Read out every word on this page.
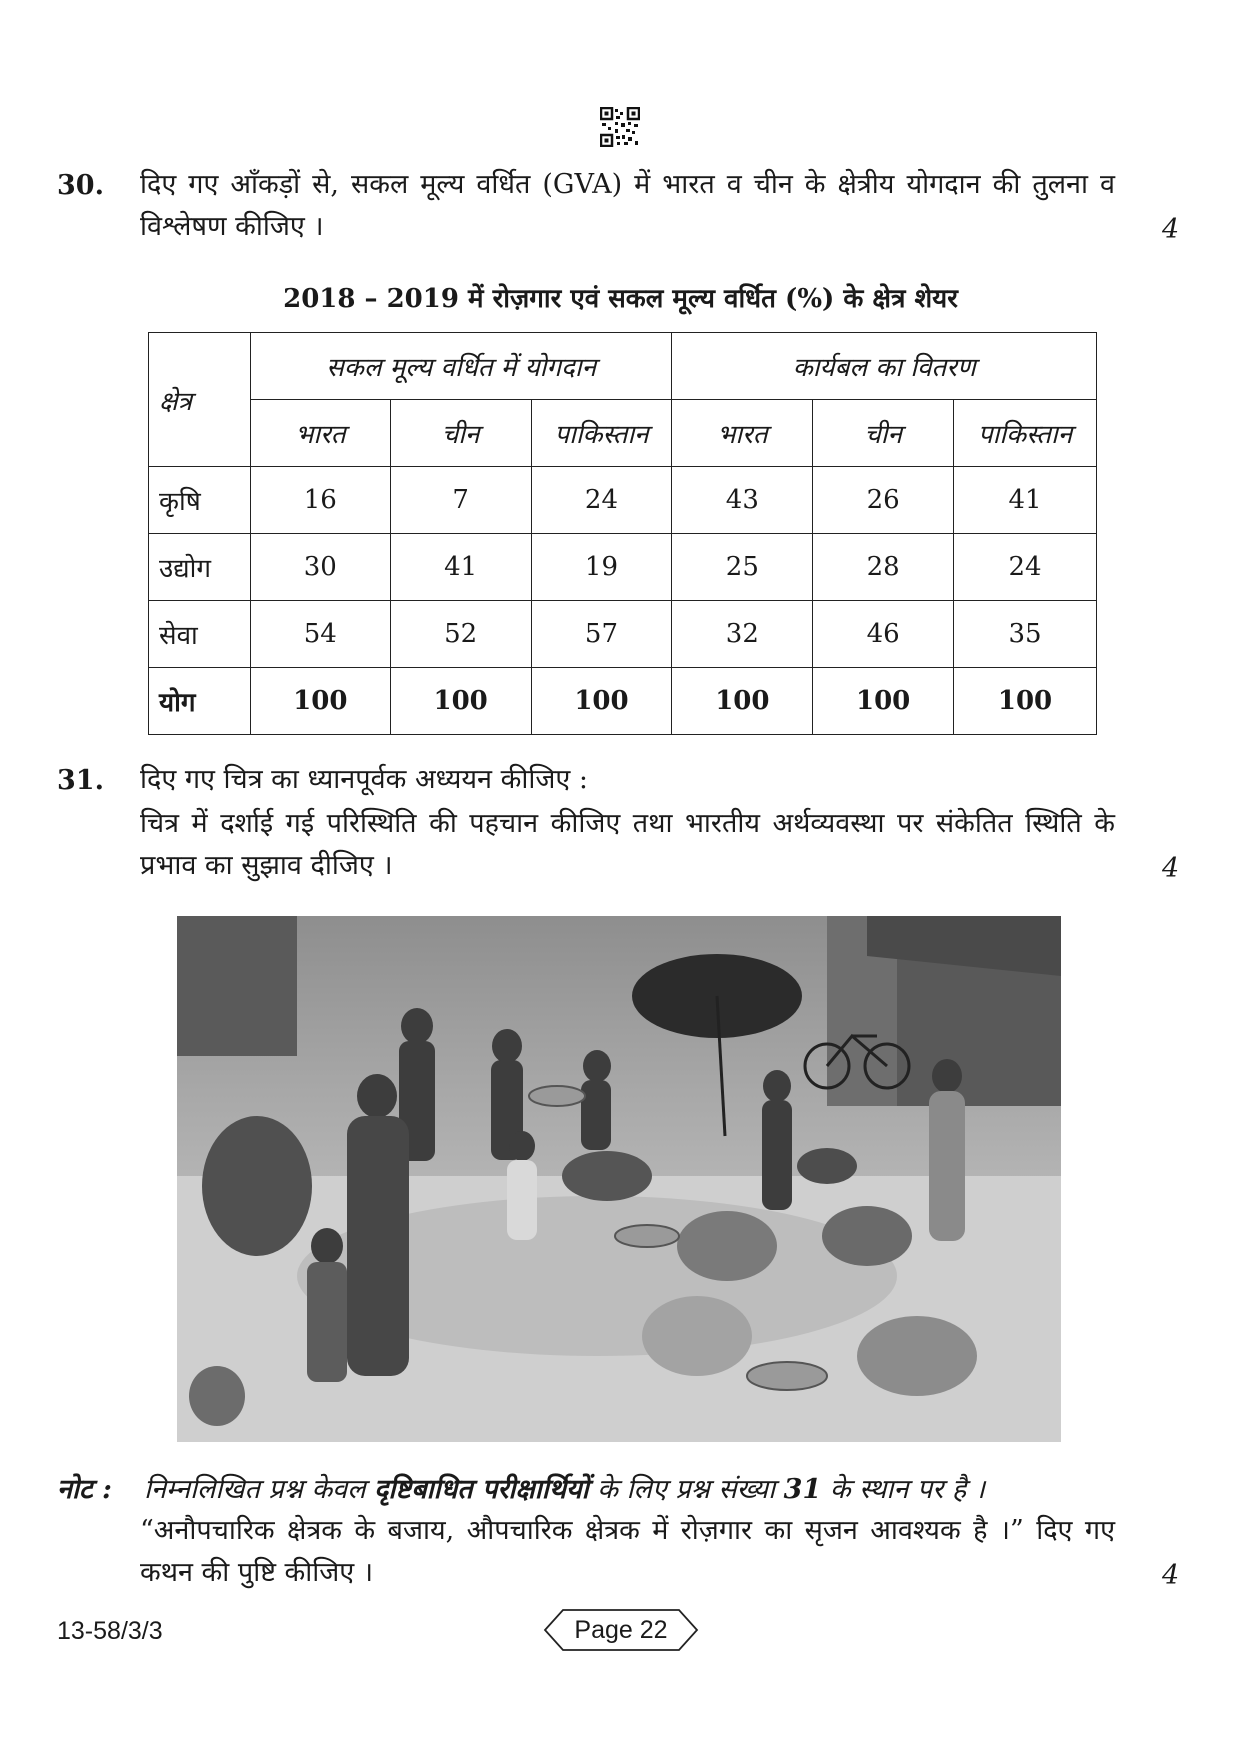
30. दिए गए आँकड़ों से, सकल मूल्य वर्धित (GVA) में भारत व चीन के क्षेत्रीय योगदान की तुलना व विश्लेषण कीजिए ।	4
2018 – 2019 में रोज़गार एवं सकल मूल्य वर्धित (%) के क्षेत्र शेयर
क्षेत्र	सकल मूल्य वर्धित में योगदान			कार्यबल का वितरण		
	भारत	चीन	पाकिस्तान	भारत	चीन	पाकिस्तान
कृषि	16	7	24	43	26	41
उद्योग	30	41	19	25	28	24
सेवा	54	52	57	32	46	35
योग	100	100	100	100	100	100
31. दिए गए चित्र का ध्यानपूर्वक अध्ययन कीजिए :
चित्र में दर्शाई गई परिस्थिति की पहचान कीजिए तथा भारतीय अर्थव्यवस्था पर संकेतित स्थिति के प्रभाव का सुझाव दीजिए ।	4
नोट : निम्नलिखित प्रश्न केवल दृष्टिबाधित परीक्षार्थियों के लिए प्रश्न संख्या 31 के स्थान पर है ।
“अनौपचारिक क्षेत्रक के बजाय, औपचारिक क्षेत्रक में रोज़गार का सृजन आवश्यक है ।” दिए गए कथन की पुष्टि कीजिए ।	4
13-58/3/3	Page 22
